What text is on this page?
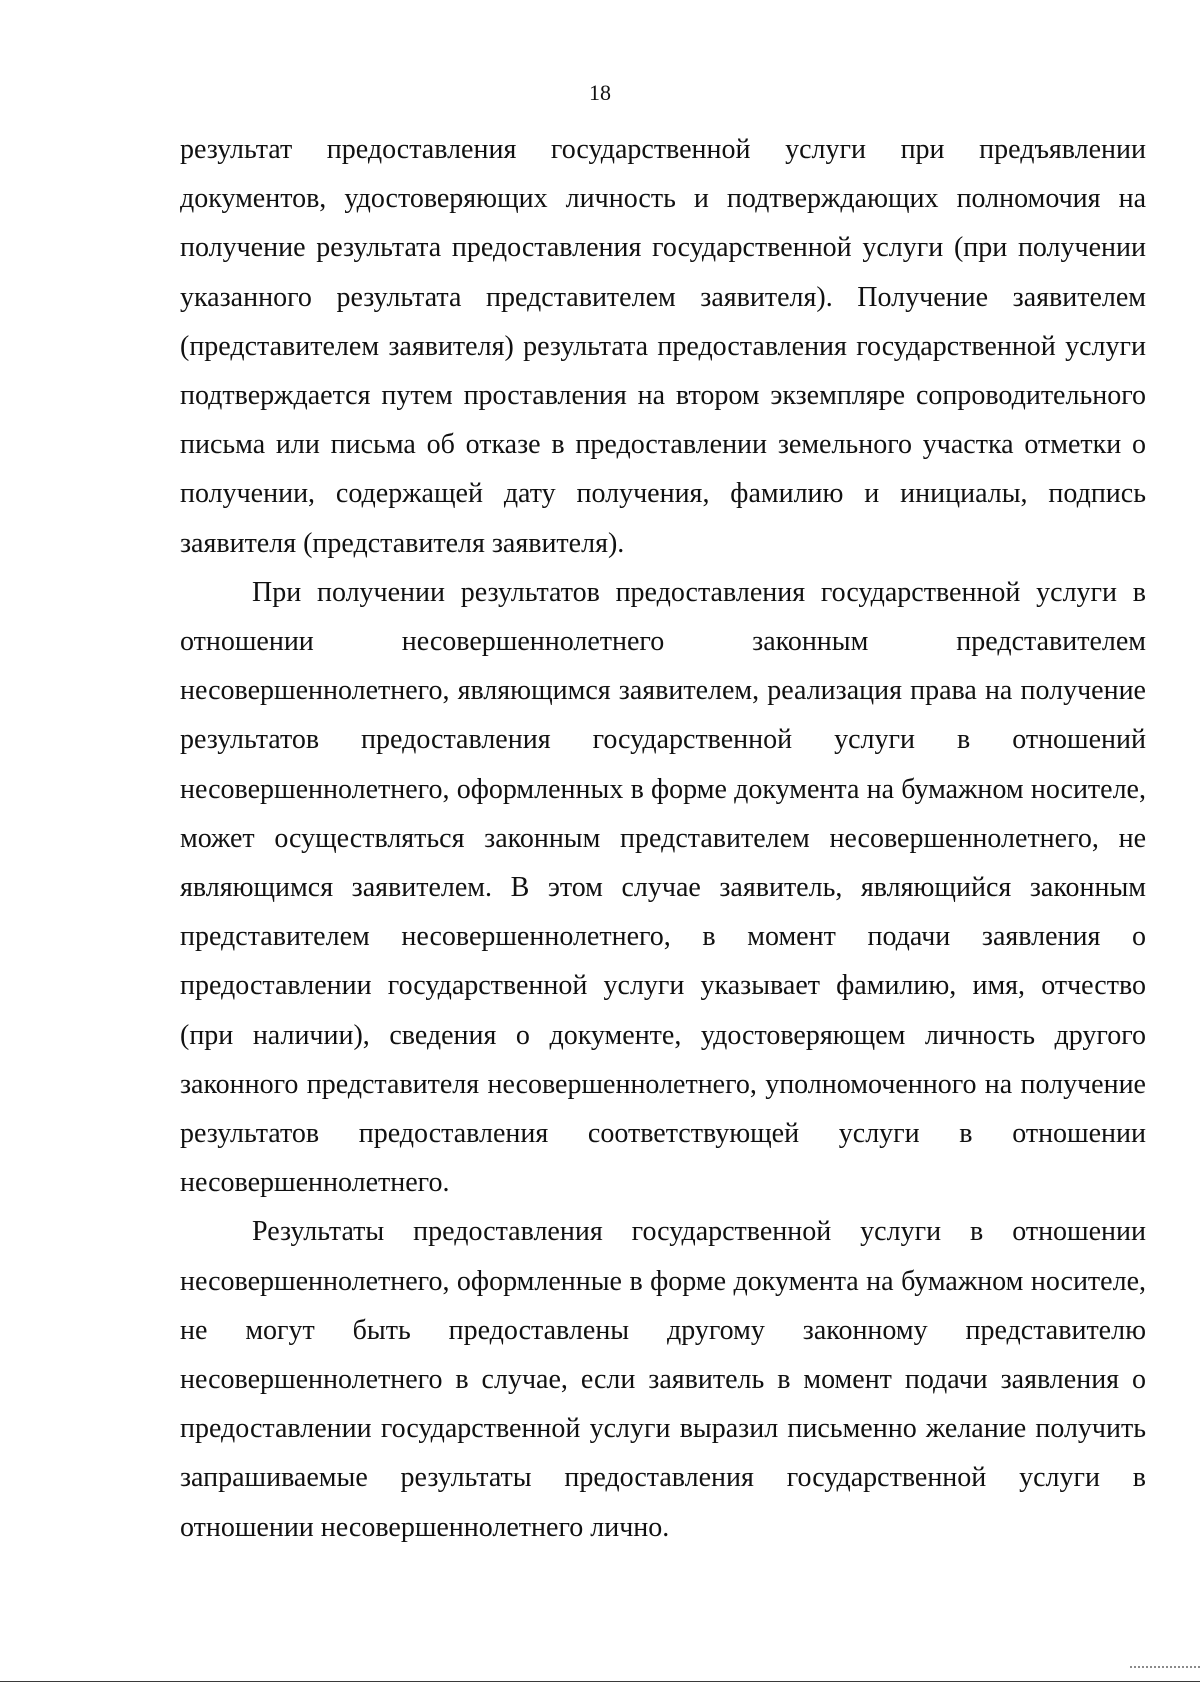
18

результат предоставления государственной услуги при предъявлении документов, удостоверяющих личность и подтверждающих полномочия на получение результата предоставления государственной услуги (при получении указанного результата представителем заявителя). Получение заявителем (представителем заявителя) результата предоставления государственной услуги подтверждается путем проставления на втором экземпляре сопроводительного письма или письма об отказе в предоставлении земельного участка отметки о получении, содержащей дату получения, фамилию и инициалы, подпись заявителя (представителя заявителя).

При получении результатов предоставления государственной услуги в отношении несовершеннолетнего законным представителем несовершеннолетнего, являющимся заявителем, реализация права на получение результатов предоставления государственной услуги в отношений несовершеннолетнего, оформленных в форме документа на бумажном носителе, может осуществляться законным представителем несовершеннолетнего, не являющимся заявителем. В этом случае заявитель, являющийся законным представителем несовершеннолетнего, в момент подачи заявления о предоставлении государственной услуги указывает фамилию, имя, отчество (при наличии), сведения о документе, удостоверяющем личность другого законного представителя несовершеннолетнего, уполномоченного на получение результатов предоставления соответствующей услуги в отношении несовершеннолетнего.

Результаты предоставления государственной услуги в отношении несовершеннолетнего, оформленные в форме документа на бумажном носителе, не могут быть предоставлены другому законному представителю несовершеннолетнего в случае, если заявитель в момент подачи заявления о предоставлении государственной услуги выразил письменно желание получить запрашиваемые результаты предоставления государственной услуги в отношении несовершеннолетнего лично.
